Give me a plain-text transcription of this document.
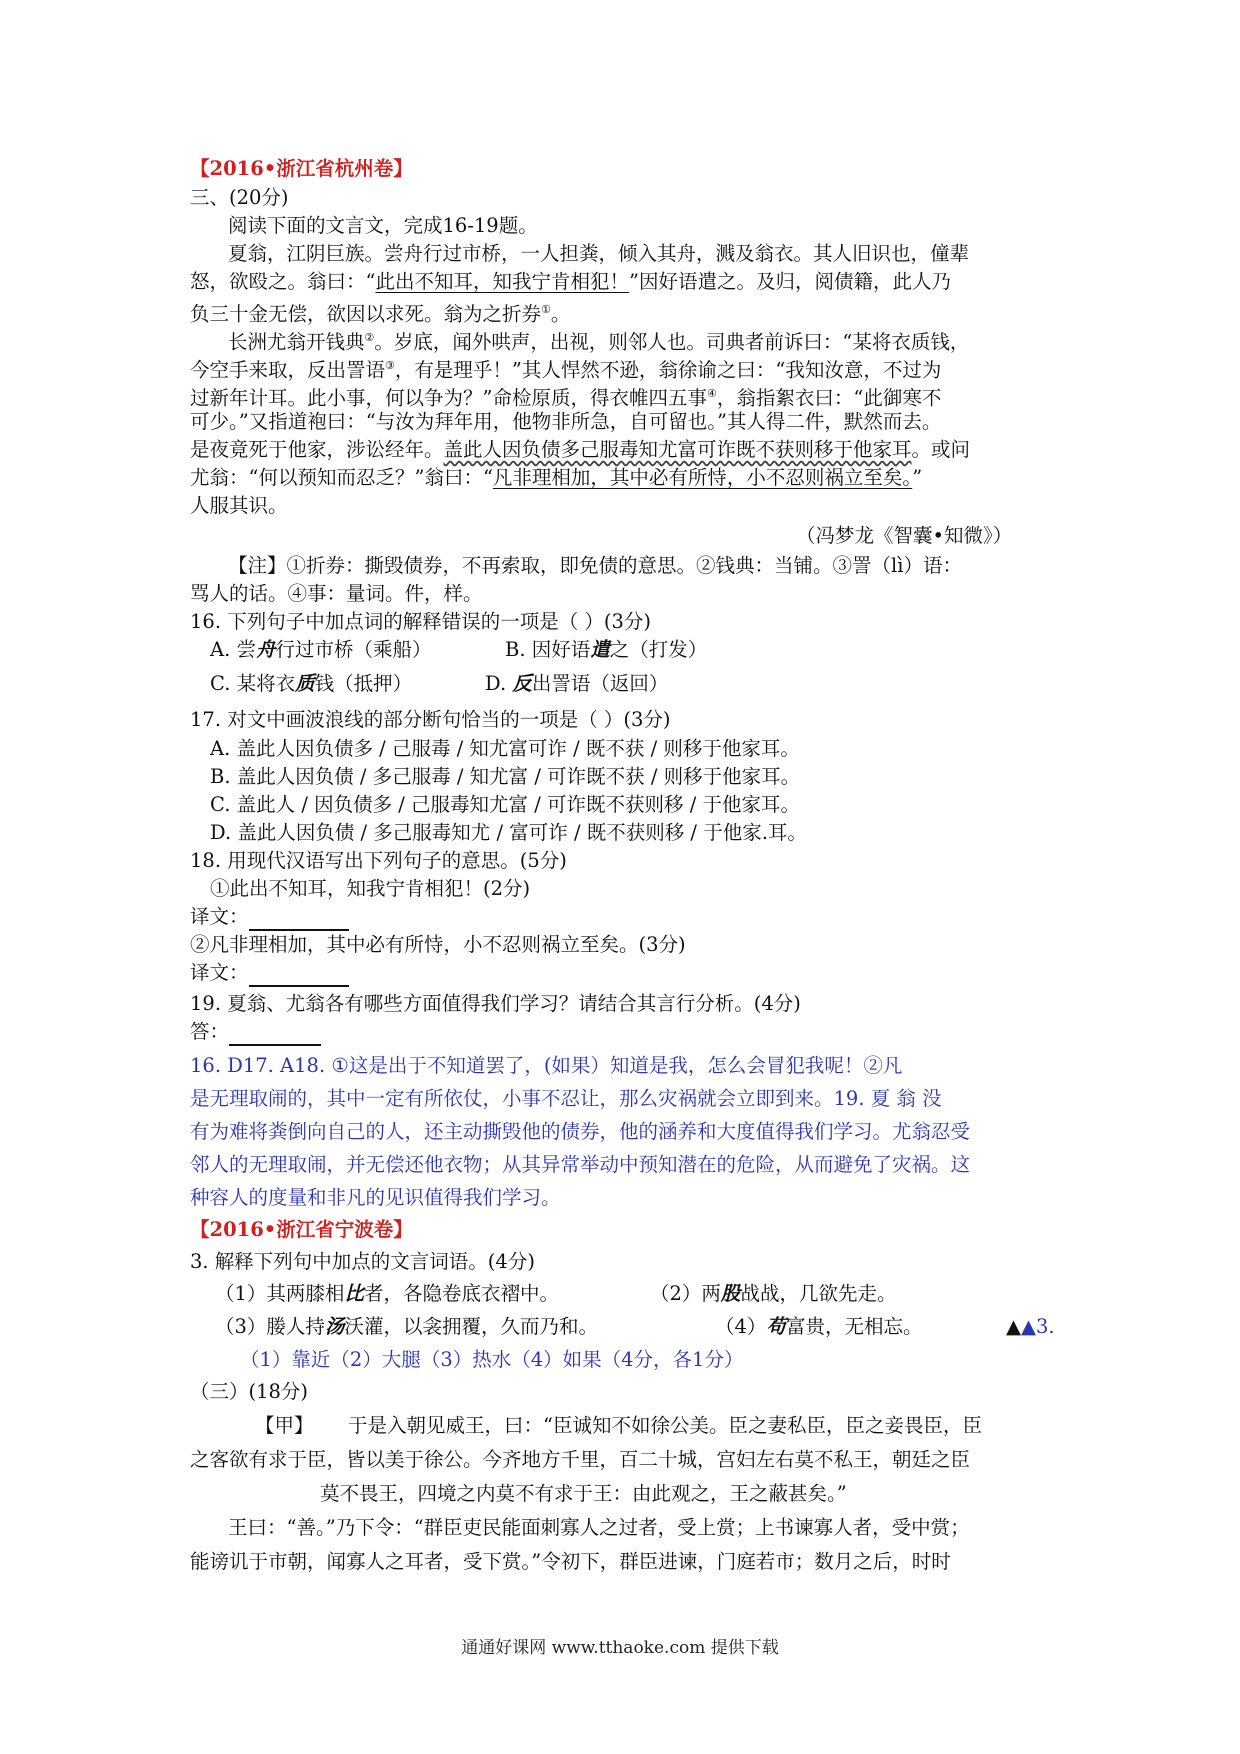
【2016•浙江省杭州卷】
三、(20分)
阅读下面的文言文，完成16-19题。
夏翁，江阴巨族。尝舟行过市桥，一人担粪，倾入其舟，溅及翁衣。其人旧识也，僮辈
怒，欲殴之。翁曰：“此出不知耳，知我宁肯相犯！”因好语遣之。及归，阅债籍，此人乃
负三十金无偿，欲因以求死。翁为之折券①。
长洲尤翁开钱典②。岁底，闻外哄声，出视，则邻人也。司典者前诉曰：“某将衣质钱，
今空手来取，反出詈语③，有是理乎！”其人悍然不逊，翁徐谕之曰：“我知汝意，不过为
过新年计耳。此小事，何以争为？”命检原质，得衣帷四五事④，翁指絮衣曰：“此御寒不
可少。”又指道袍曰：“与汝为拜年用，他物非所急，自可留也。”其人得二件，默然而去。
是夜竟死于他家，涉讼经年。盖此人因负债多己服毒知尤富可诈既不获则移于他家耳。或问
尤翁：“何以预知而忍乏？”翁曰：“凡非理相加，其中必有所恃，小不忍则祸立至矣。”
人服其识。
（冯梦龙《智囊•知微》）
【注】①折券：撕毁债券，不再索取，即免债的意思。②钱典：当铺。③詈（lì）语：
骂人的话。④事：量词。件，样。
16. 下列句子中加点词的解释错误的一项是（ ）(3分)
A. 尝舟行过市桥（乘船）	B. 因好语遣之（打发）
C. 某将衣质钱（抵押）	D. 反出詈语（返回）
17. 对文中画波浪线的部分断句恰当的一项是（ ）(3分)
A. 盖此人因负债多 / 己服毒 / 知尤富可诈 / 既不获 / 则移于他家耳。
B. 盖此人因负债 / 多己服毒 / 知尤富 / 可诈既不获 / 则移于他家耳。
C. 盖此人 / 因负债多 / 己服毒知尤富 / 可诈既不获则移 / 于他家耳。
D. 盖此人因负债 / 多己服毒知尤 / 富可诈 / 既不获则移 / 于他家.耳。
18. 用现代汉语写出下列句子的意思。(5分)
①此出不知耳，知我宁肯相犯！(2分)
译文：
②凡非理相加，其中必有所恃，小不忍则祸立至矣。(3分)
译文：
19. 夏翁、尤翁各有哪些方面值得我们学习？请结合其言行分析。(4分)
答：
16. D17. A18. ①这是出于不知道罢了，(如果）知道是我，怎么会冒犯我呢！②凡
是无理取闹的，其中一定有所依仗，小事不忍让，那么灾祸就会立即到来。19. 夏 翁 没
有为难将粪倒向自己的人，还主动撕毁他的债券，他的涵养和大度值得我们学习。尤翁忍受
邻人的无理取闹，并无偿还他衣物；从其异常举动中预知潜在的危险，从而避免了灾祸。这
种容人的度量和非凡的见识值得我们学习。
【2016•浙江省宁波卷】
3. 解释下列句中加点的文言词语。(4分)
（1）其两膝相比者，各隐卷底衣褶中。	（2）两股战战，几欲先走。
（3）媵人持汤沃灌，以衾拥覆，久而乃和。	（4）苟富贵，无相忘。	▲▲3.
（1）靠近（2）大腿（3）热水（4）如果（4分，各1分）
（三）(18分)
【甲】 于是入朝见威王，曰：“臣诚知不如徐公美。臣之妻私臣，臣之妾畏臣，臣
之客欲有求于臣，皆以美于徐公。今齐地方千里，百二十城，宫妇左右莫不私王，朝廷之臣
莫不畏王，四境之内莫不有求于王：由此观之，王之蔽甚矣。”
王曰：“善。”乃下令：“群臣吏民能面刺寡人之过者，受上赏；上书谏寡人者，受中赏；
能谤讥于市朝，闻寡人之耳者，受下赏。”令初下，群臣进谏，门庭若市；数月之后，时时
通通好课网 www.tthaoke.com 提供下载
